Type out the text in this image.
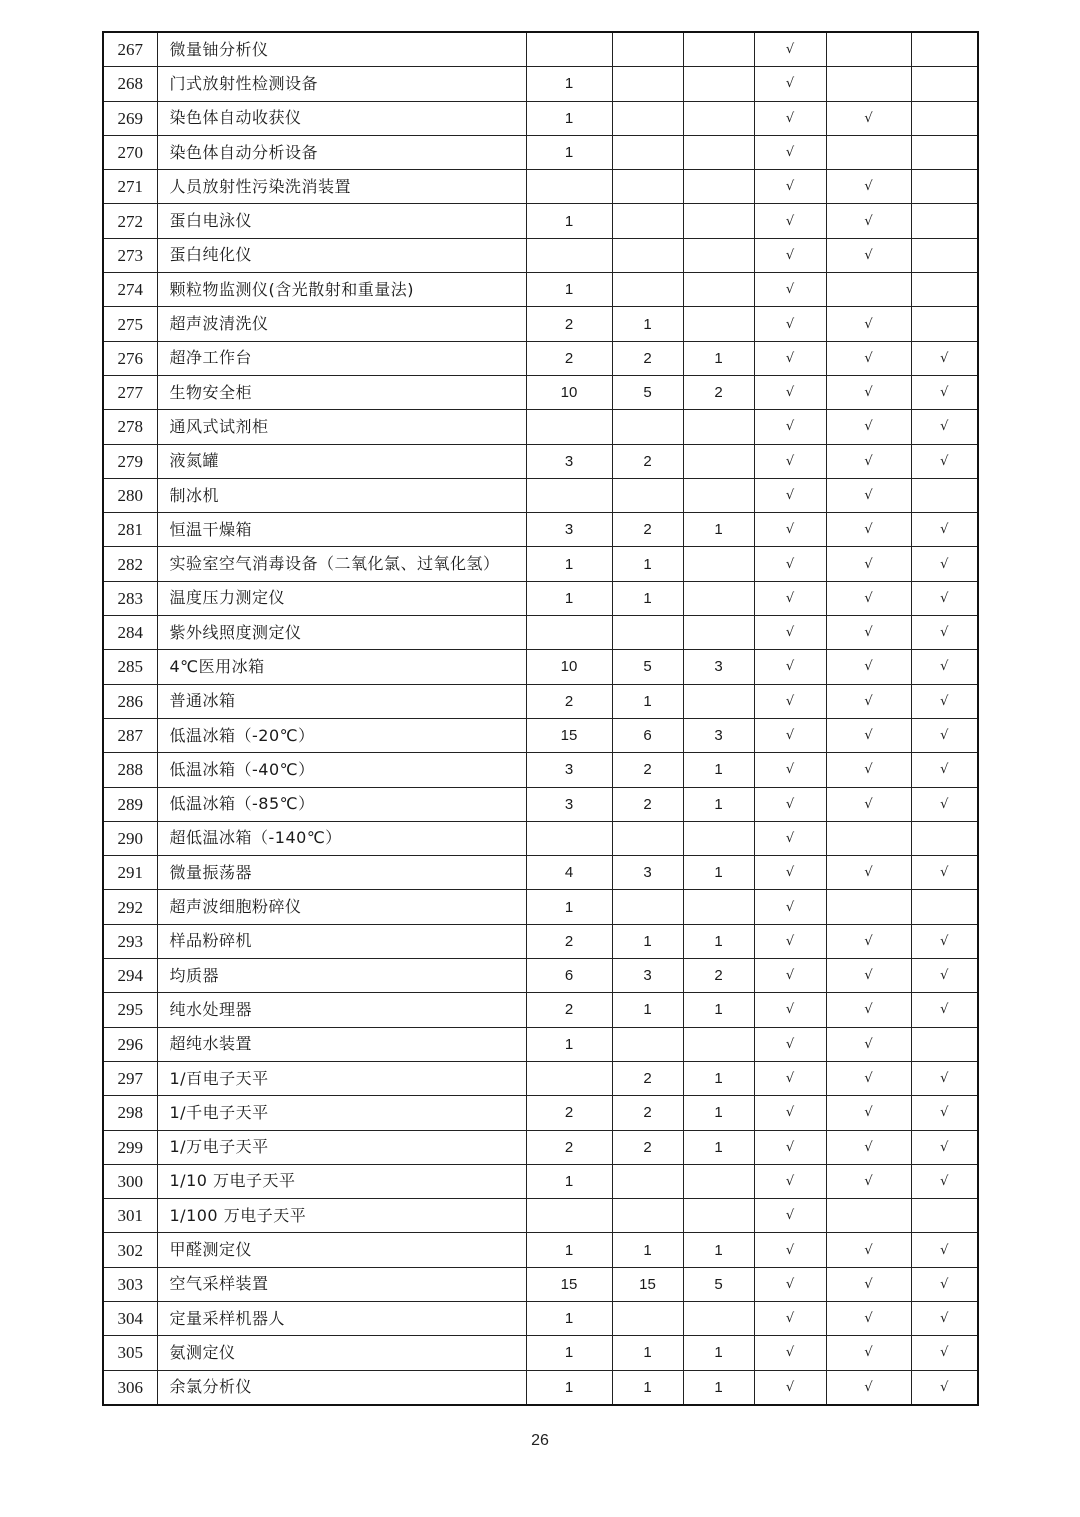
267	微量铀分析仪				√		
268	门式放射性检测设备	1			√		
269	染色体自动收获仪	1			√	√	
270	染色体自动分析设备	1			√		
271	人员放射性污染洗消装置				√	√	
272	蛋白电泳仪	1			√	√	
273	蛋白纯化仪				√	√	
274	颗粒物监测仪(含光散射和重量法)	1			√		
275	超声波清洗仪	2	1		√	√	
276	超净工作台	2	2	1	√	√	√
277	生物安全柜	10	5	2	√	√	√
278	通风式试剂柜				√	√	√
279	液氮罐	3	2		√	√	√
280	制冰机				√	√	
281	恒温干燥箱	3	2	1	√	√	√
282	实验室空气消毒设备（二氧化氯、过氧化氢）	1	1		√	√	√
283	温度压力测定仪	1	1		√	√	√
284	紫外线照度测定仪				√	√	√
285	4℃医用冰箱	10	5	3	√	√	√
286	普通冰箱	2	1		√	√	√
287	低温冰箱（-20℃）	15	6	3	√	√	√
288	低温冰箱（-40℃）	3	2	1	√	√	√
289	低温冰箱（-85℃）	3	2	1	√	√	√
290	超低温冰箱（-140℃）				√		
291	微量振荡器	4	3	1	√	√	√
292	超声波细胞粉碎仪	1			√		
293	样品粉碎机	2	1	1	√	√	√
294	均质器	6	3	2	√	√	√
295	纯水处理器	2	1	1	√	√	√
296	超纯水装置	1			√	√	
297	1/百电子天平		2	1	√	√	√
298	1/千电子天平	2	2	1	√	√	√
299	1/万电子天平	2	2	1	√	√	√
300	1/10 万电子天平	1			√	√	√
301	1/100 万电子天平				√		
302	甲醛测定仪	1	1	1	√	√	√
303	空气采样装置	15	15	5	√	√	√
304	定量采样机器人	1			√	√	√
305	氨测定仪	1	1	1	√	√	√
306	余氯分析仪	1	1	1	√	√	√
26
